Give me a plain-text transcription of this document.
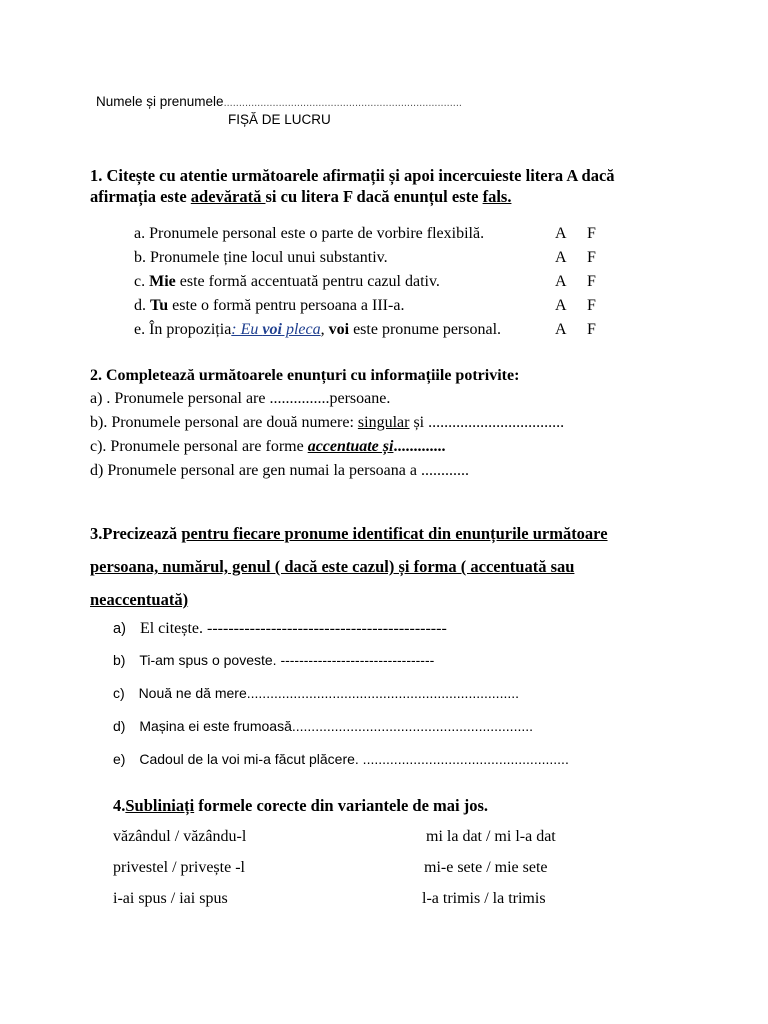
Numele și prenumele..............................................................................
FIȘĂ DE LUCRU
1. Citește cu atentie următoarele afirmații și apoi incercuieste litera A dacă
afirmația este adevărată si cu litera F dacă enunțul este fals.
a. Pronumele personal este o parte de vorbire flexibilă.
b. Pronumele ține locul unui substantiv.
c. Mie este formă accentuată pentru cazul dativ.
d. Tu este o formă pentru persoana a III-a.
e. În propoziția: Eu voi pleca, voi este pronume personal.
A F
A F
A F
A F
A F
2. Completează următoarele enunțuri cu informațiile potrivite:
a) . Pronumele personal are ...............persoane.
b). Pronumele personal are două numere: singular și ..................................
c). Pronumele personal are forme accentuate și.............
d) Pronumele personal are gen numai la persoana a ............
3.Precizează pentru fiecare pronume identificat din enunțurile următoare
persoana, numărul, genul ( dacă este cazul) și forma ( accentuată sau
neaccentuată)
a) El citește. ---------------------------------------------
b) Ti-am spus o poveste. ---------------------------------
c) Nouă ne dă mere......................................................................
d) Mașina ei este frumoasă..............................................................
e) Cadoul de la voi mi-a făcut plăcere. .....................................................
4.Subliniați formele corecte din variantele de mai jos.
văzândul / văzându-l
privestel / privește -l
i-ai spus / iai spus
mi la dat / mi l-a dat
mi-e sete / mie sete
l-a trimis / la trimis
